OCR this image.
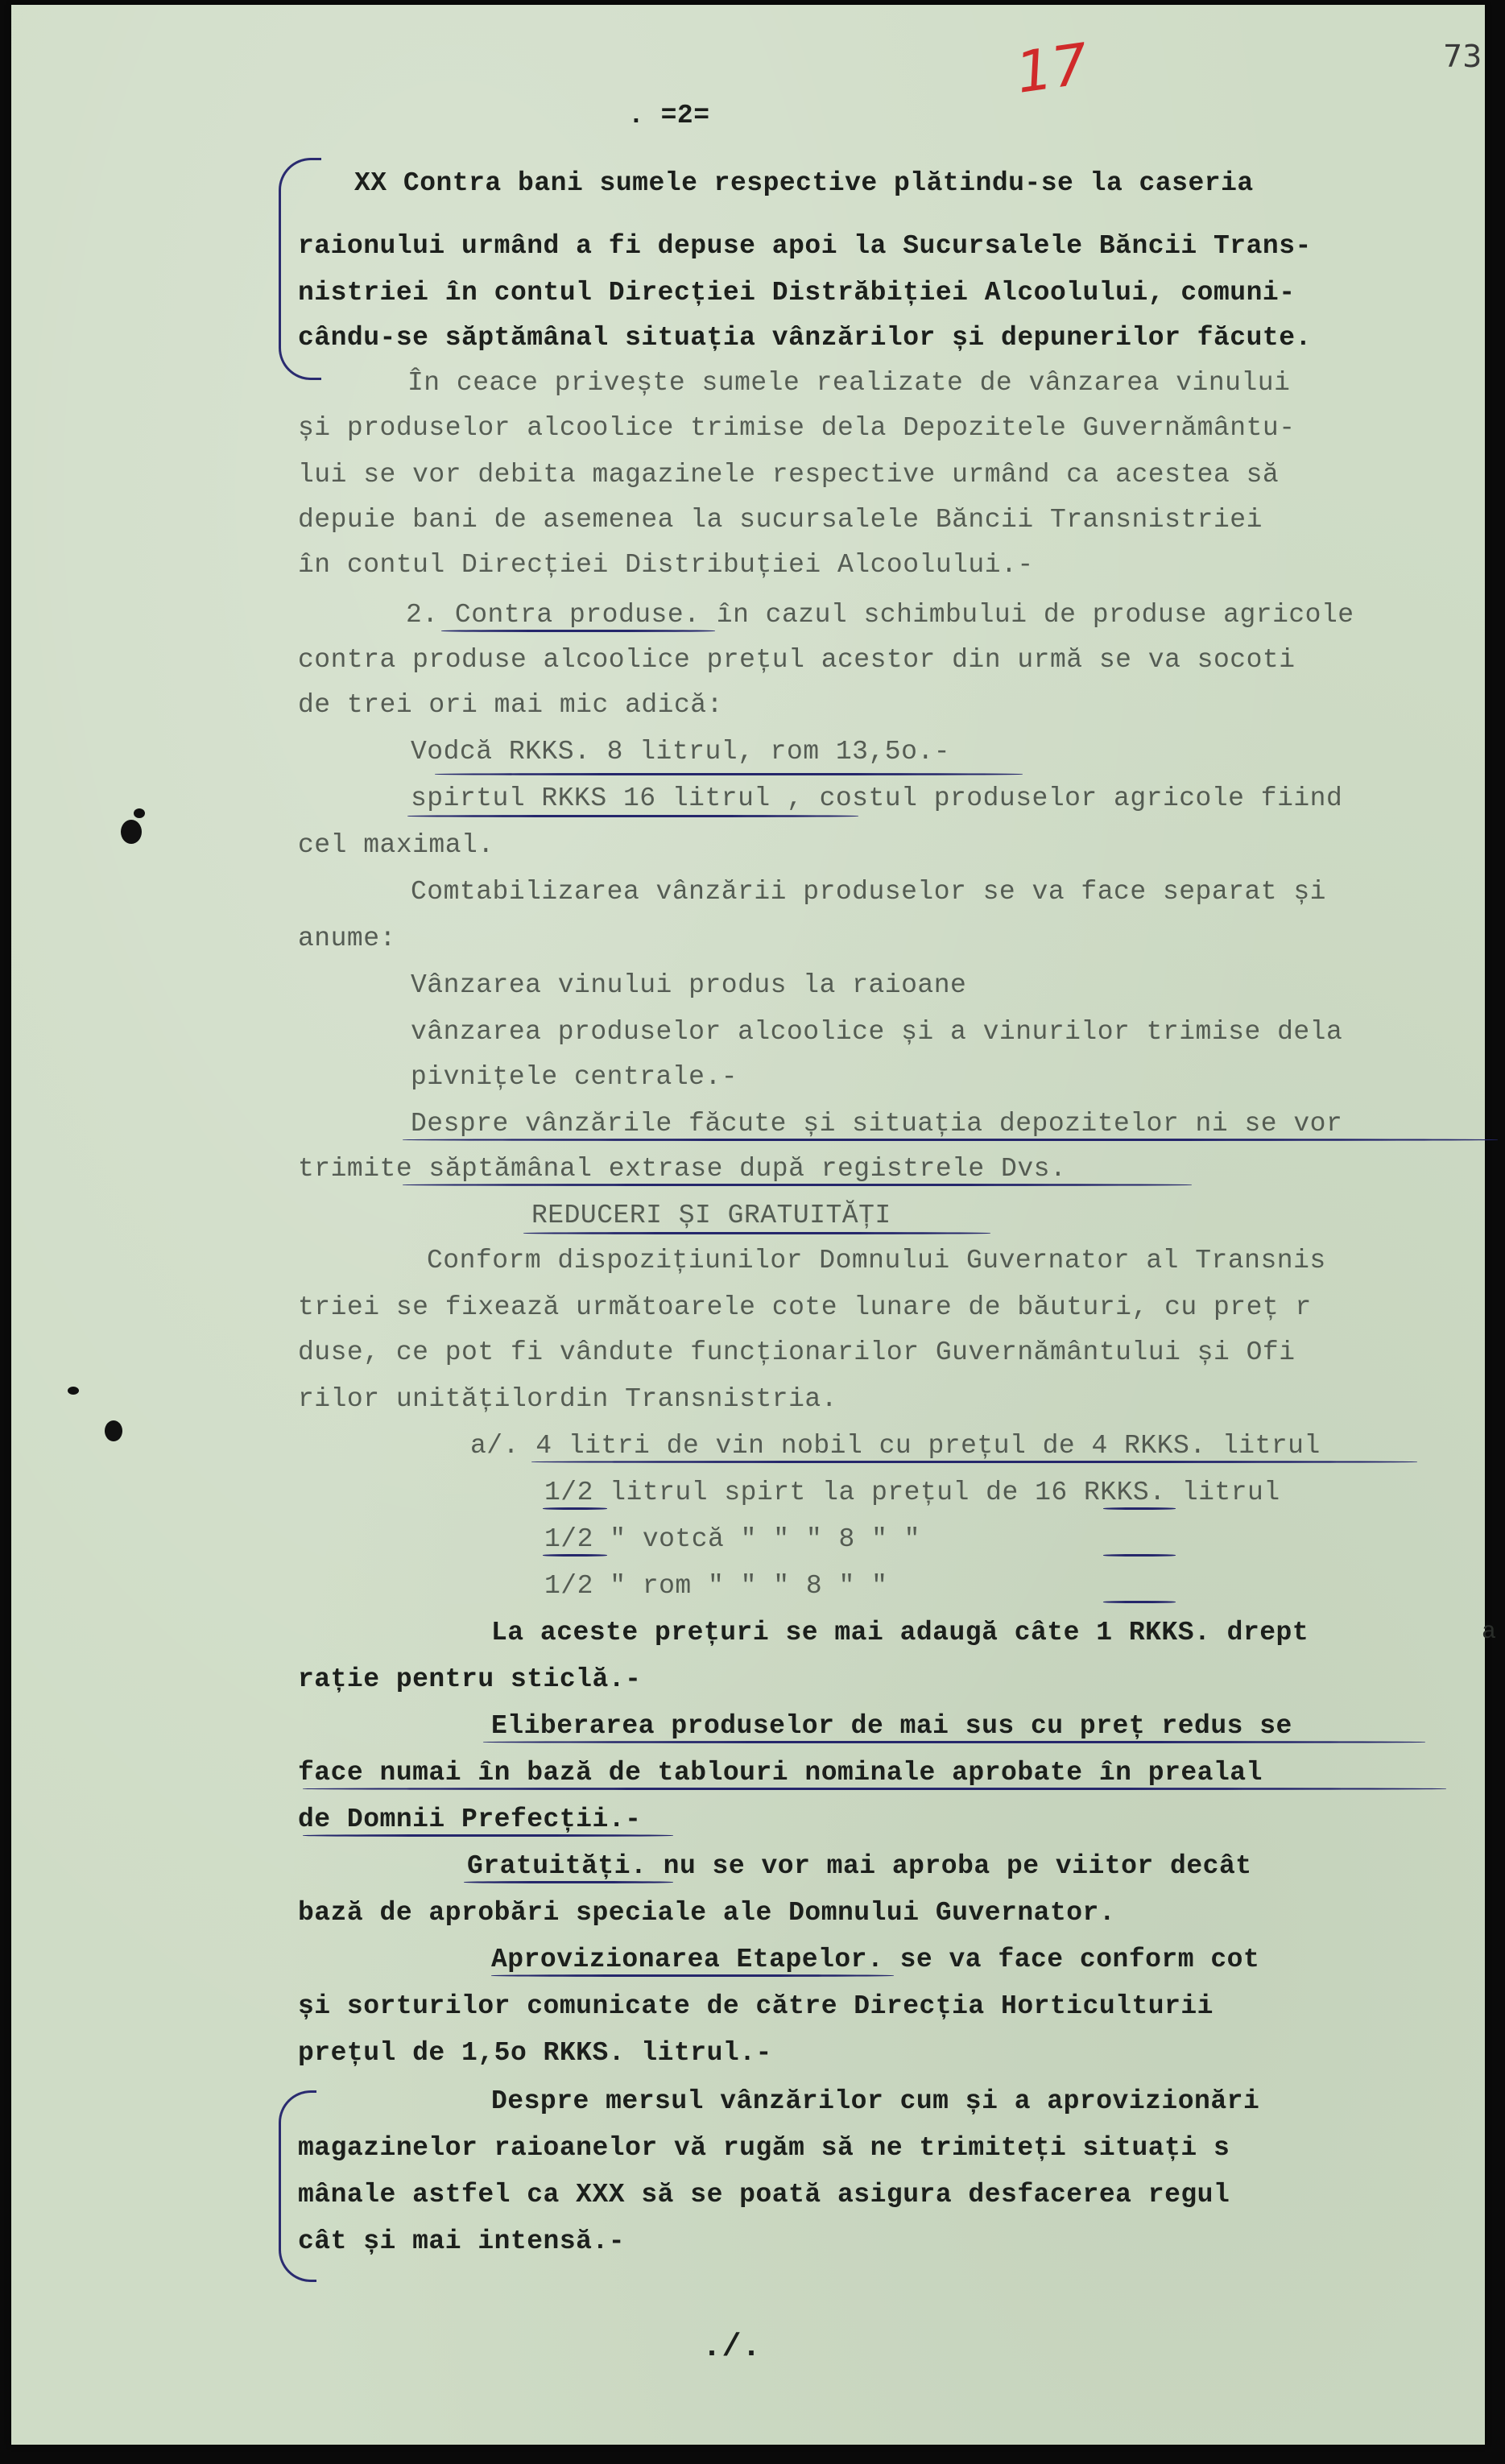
17	73
. =2=
XX Contra bani sumele respective plătindu-se la caseria
raionului urmând a fi depuse apoi la Sucursalele Băncii Trans-
nistriei în contul Direcției Distrăbiției Alcoolului, comuni-
cându-se săptămânal situația vânzărilor și depunerilor făcute.
În ceace privește sumele realizate de vânzarea vinului
și produselor alcoolice trimise dela Depozitele Guvernământu-
lui se vor debita magazinele respective urmând ca acestea să
depuie bani de asemenea la sucursalele Băncii Transnistriei
în contul Direcției Distribuției Alcoolului.-
2. Contra produse. în cazul schimbului de produse agricole
contra produse alcoolice prețul acestor din urmă se va socoti
de trei ori mai mic adică:
Vodcă RKKS. 8 litrul, rom 13,5o.-
spirtul RKKS 16 litrul , costul produselor agricole fiind
cel maximal.
Comtabilizarea vânzării produselor se va face separat și
anume:
Vânzarea vinului produs la raioane
vânzarea produselor alcoolice și a vinurilor trimise dela
pivnițele centrale.-
Despre vânzările făcute și situația depozitelor ni se vor
trimite săptămânal extrase după registrele Dvs.
REDUCERI ȘI GRATUITĂȚI
Conform dispozițiunilor Domnului Guvernator al Transnis
triei se fixează următoarele cote lunare de băuturi, cu preț r
duse, ce pot fi vândute funcționarilor Guvernământului și Ofi
rilor unitățilordin Transnistria.
a/. 4 litri de vin nobil cu prețul de 4 RKKS. litrul
1/2 litrul spirt la prețul de 16 RKKS. litrul
1/2 " votcă " " " 8 " "
1/2 " rom " " " 8 " "
La aceste prețuri se mai adaugă câte 1 RKKS. drept
rație pentru sticlă.-
Eliberarea produselor de mai sus cu preț redus se
face numai în bază de tablouri nominale aprobate în prealal
de Domnii Prefecții.-
Gratuități. nu se vor mai aproba pe viitor decât
bază de aprobări speciale ale Domnului Guvernator.
Aprovizionarea Etapelor. se va face conform cot
și sorturilor comunicate de către Direcția Horticulturii
prețul de 1,5o RKKS. litrul.-
Despre mersul vânzărilor cum și a aprovizionări
magazinelor raioanelor vă rugăm să ne trimiteți situați s
mânale astfel ca XXX să se poată asigura desfacerea regul
cât și mai intensă.-
a
./.
